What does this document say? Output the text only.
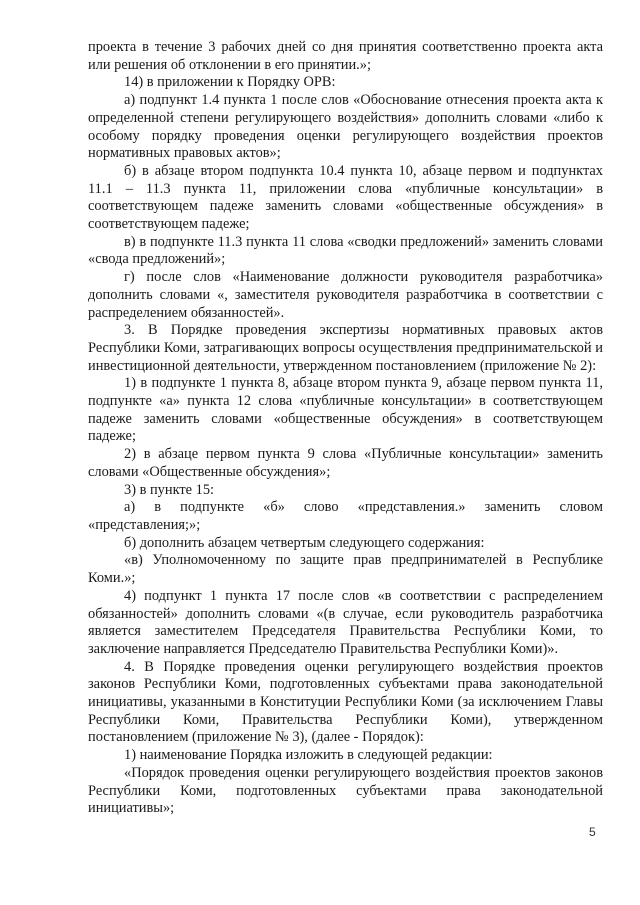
проекта в течение 3 рабочих дней со дня принятия соответственно проекта акта или решения об отклонении в его принятии.»;

14) в приложении к Порядку ОРВ:

а) подпункт 1.4 пункта 1 после слов «Обоснование отнесения проекта акта к определенной степени регулирующего воздействия» дополнить словами «либо к особому порядку проведения оценки регулирующего воздействия проектов нормативных правовых актов»;

б) в абзаце втором подпункта 10.4 пункта 10, абзаце первом и подпунктах 11.1 – 11.3 пункта 11, приложении слова «публичные консультации» в соответствующем падеже заменить словами «общественные обсуждения» в соответствующем падеже;

в) в подпункте 11.3 пункта 11 слова «сводки предложений» заменить словами «свода предложений»;

г) после слов «Наименование должности руководителя разработчика» дополнить словами «, заместителя руководителя разработчика в соответствии с распределением обязанностей».

3. В Порядке проведения экспертизы нормативных правовых актов Республики Коми, затрагивающих вопросы осуществления предпринимательской и инвестиционной деятельности, утвержденном постановлением (приложение № 2):

1) в подпункте 1 пункта 8, абзаце втором пункта 9, абзаце первом пункта 11, подпункте «а» пункта 12 слова «публичные консультации» в соответствующем падеже заменить словами «общественные обсуждения» в соответствующем падеже;

2) в абзаце первом пункта 9 слова «Публичные консультации» заменить словами «Общественные обсуждения»;

3) в пункте 15:

а) в подпункте «б» слово «представления.» заменить словом «представления;»;

б) дополнить абзацем четвертым следующего содержания:

«в) Уполномоченному по защите прав предпринимателей в Республике Коми.»;

4) подпункт 1 пункта 17 после слов «в соответствии с распределением обязанностей» дополнить словами «(в случае, если руководитель разработчика является заместителем Председателя Правительства Республики Коми, то заключение направляется Председателю Правительства Республики Коми)».

4. В Порядке проведения оценки регулирующего воздействия проектов законов Республики Коми, подготовленных субъектами права законодательной инициативы, указанными в Конституции Республики Коми (за исключением Главы Республики Коми, Правительства Республики Коми), утвержденном постановлением (приложение № 3), (далее - Порядок):

1) наименование Порядка изложить в следующей редакции:

«Порядок проведения оценки регулирующего воздействия проектов законов Республики Коми, подготовленных субъектами права законодательной инициативы»;

5
